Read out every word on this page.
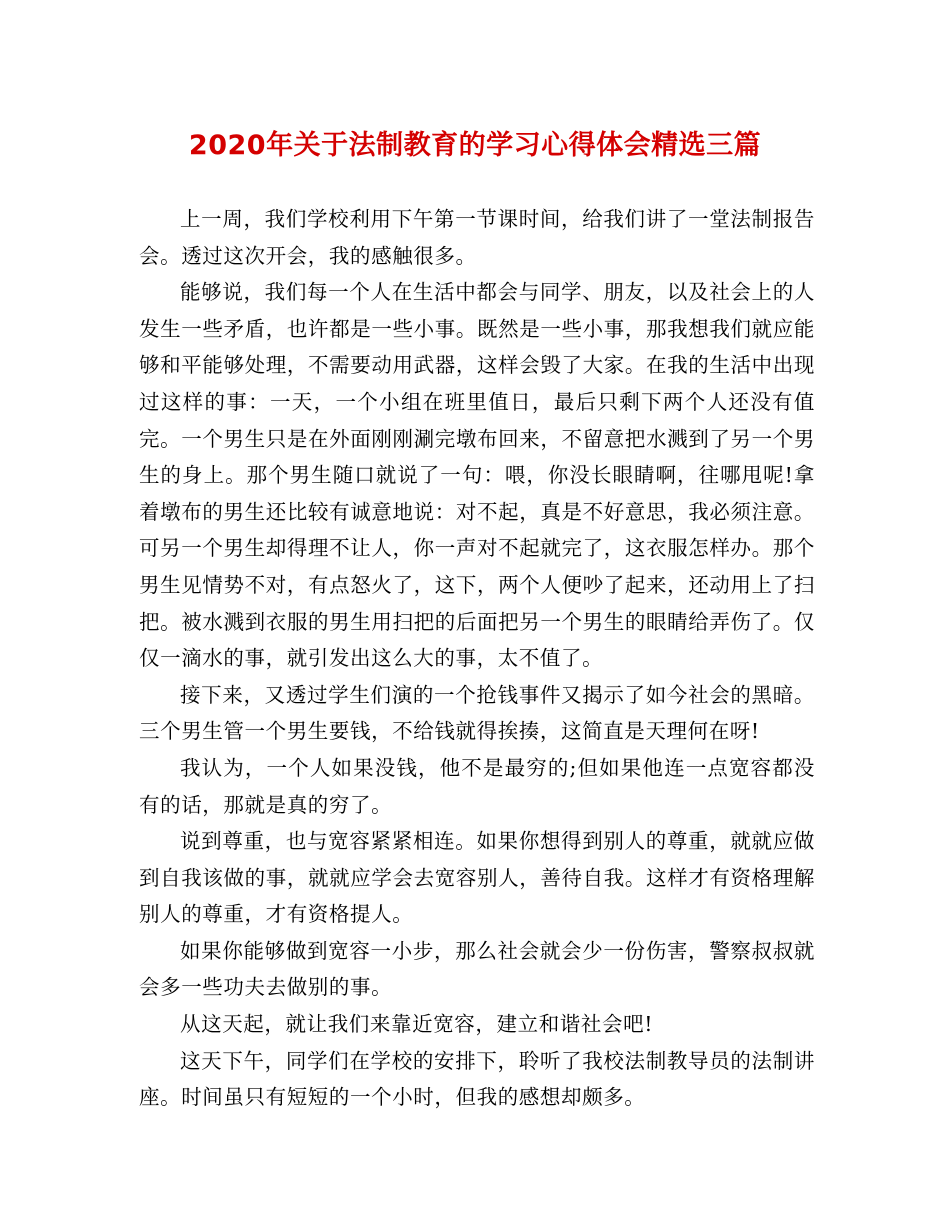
2020年关于法制教育的学习心得体会精选三篇

上一周，我们学校利用下午第一节课时间，给我们讲了一堂法制报告会。透过这次开会，我的感触很多。

能够说，我们每一个人在生活中都会与同学、朋友，以及社会上的人发生一些矛盾，也许都是一些小事。既然是一些小事，那我想我们就应能够和平能够处理，不需要动用武器，这样会毁了大家。在我的生活中出现过这样的事：一天，一个小组在班里值日，最后只剩下两个人还没有值完。一个男生只是在外面刚刚涮完墩布回来，不留意把水溅到了另一个男生的身上。那个男生随口就说了一句：喂，你没长眼睛啊，往哪甩呢!拿着墩布的男生还比较有诚意地说：对不起，真是不好意思，我必须注意。可另一个男生却得理不让人，你一声对不起就完了，这衣服怎样办。那个男生见情势不对，有点怒火了，这下，两个人便吵了起来，还动用上了扫把。被水溅到衣服的男生用扫把的后面把另一个男生的眼睛给弄伤了。仅仅一滴水的事，就引发出这么大的事，太不值了。

接下来，又透过学生们演的一个抢钱事件又揭示了如今社会的黑暗。三个男生管一个男生要钱，不给钱就得挨揍，这简直是天理何在呀!

我认为，一个人如果没钱，他不是最穷的;但如果他连一点宽容都没有的话，那就是真的穷了。

说到尊重，也与宽容紧紧相连。如果你想得到别人的尊重，就就应做到自我该做的事，就就应学会去宽容别人，善待自我。这样才有资格理解别人的尊重，才有资格提人。

如果你能够做到宽容一小步，那么社会就会少一份伤害，警察叔叔就会多一些功夫去做别的事。

从这天起，就让我们来靠近宽容，建立和谐社会吧!

这天下午，同学们在学校的安排下，聆听了我校法制教导员的法制讲座。时间虽只有短短的一个小时，但我的感想却颇多。
